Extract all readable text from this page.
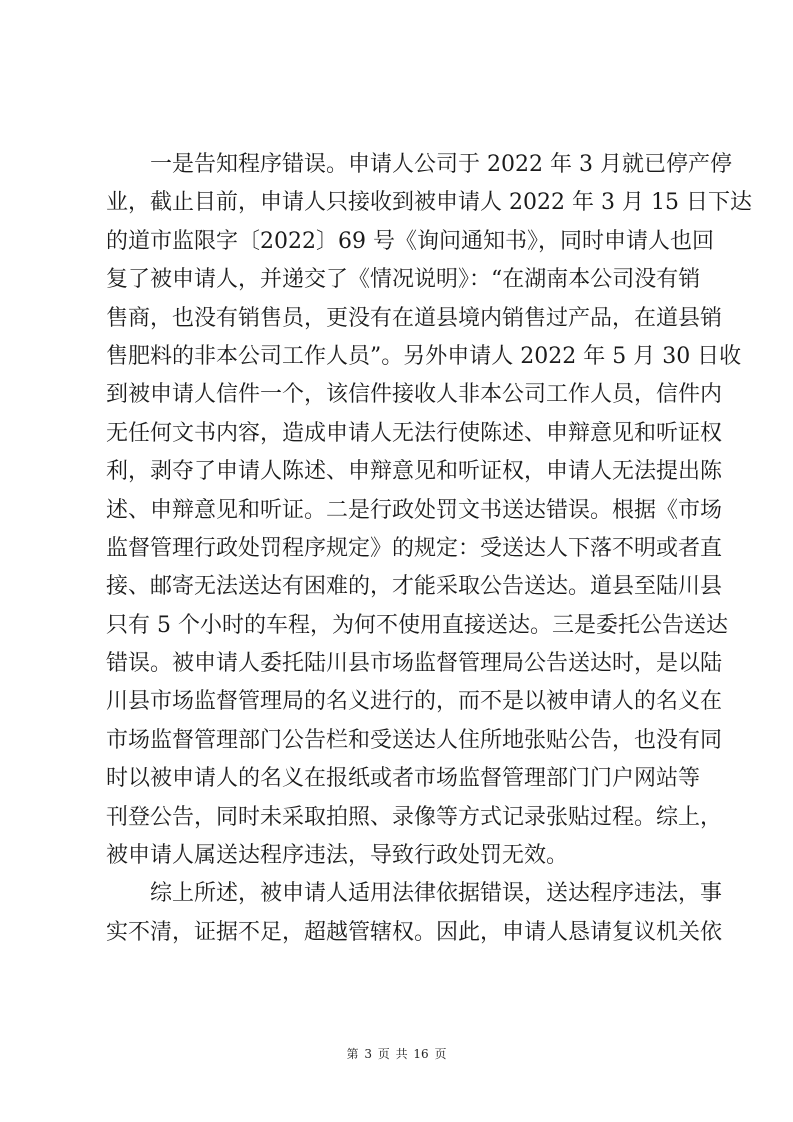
一是告知程序错误。申请人公司于 2022 年 3 月就已停产停
业，截止目前，申请人只接收到被申请人 2022 年 3 月 15 日下达
的道市监限字〔2022〕69 号《询问通知书》，同时申请人也回
复了被申请人，并递交了《情况说明》：“在湖南本公司没有销
售商，也没有销售员，更没有在道县境内销售过产品，在道县销
售肥料的非本公司工作人员”。另外申请人 2022 年 5 月 30 日收
到被申请人信件一个，该信件接收人非本公司工作人员，信件内
无任何文书内容，造成申请人无法行使陈述、申辩意见和听证权
利，剥夺了申请人陈述、申辩意见和听证权，申请人无法提出陈
述、申辩意见和听证。二是行政处罚文书送达错误。根据《市场
监督管理行政处罚程序规定》的规定：受送达人下落不明或者直
接、邮寄无法送达有困难的，才能采取公告送达。道县至陆川县
只有 5 个小时的车程，为何不使用直接送达。三是委托公告送达
错误。被申请人委托陆川县市场监督管理局公告送达时，是以陆
川县市场监督管理局的名义进行的，而不是以被申请人的名义在
市场监督管理部门公告栏和受送达人住所地张贴公告，也没有同
时以被申请人的名义在报纸或者市场监督管理部门门户网站等
刊登公告，同时未采取拍照、录像等方式记录张贴过程。综上，
被申请人属送达程序违法，导致行政处罚无效。
综上所述，被申请人适用法律依据错误，送达程序违法，事
实不清，证据不足，超越管辖权。因此，申请人恳请复议机关依
第 3 页 共 16 页
